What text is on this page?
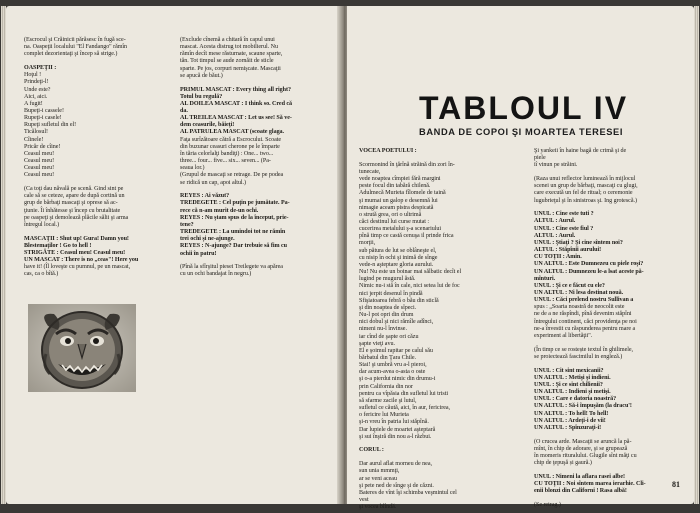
(Escrocul şi Crăinicii părăsesc în fugă sce-
na. Oaspeţii localului "El Fandango" rămîn
complet dezorientaţi şi încep să strige.)
OASPEŢII :
Hoţul !
Prindeţi-l!
Unde este?
Aici, aici.
A fugit!
Bupeţi-i cassele!
Rupeţi-i casele!
Rupeţi sufletul din el!
Ticălosul!
Cîinele!
Pricăr de cîine!
Ceasul meu!
Ceasul meu!
Ceasul meu!
Ceasul meu!
(Ca toţi dau năvală pe scenă. Gind sint pe
cale să se ceteze, apare de după cortină un
grup de bărbaţi mascaţi şi oprese să ac-
ţiunie. Îi înhătesse şi încep cu brutalitate
pe oaspeţi şi demolează plăcile sălii şi arma
întregul local.)
MASCAŢII : Shut up! Gura! Damn you!
Blestemaţilor ! Go to hell !
STRIGĂTE : Ceasul meu! Ceasul meu!
UN MASCAT : There is no „ceas"! Here you
have it! (Îl loveşte cu pumnul, pe un mascat,
cas, ca o bîtă.)
(Exclude cînemă a chitară în capul unui
mascat. Acesta distrug tot mobilierul. Nu
rămîn decît mese răsturnate, scaune sparte,
tăn. Tot timpul se aude zornăit de sticle
sparte. Pe jos, corpuri nemişcate. Mascaţii
se apucă de băut.)
PRIMUL MASCAT : Every thing all right?
Totul bu regulă?
AL DOILEA MASCAT : I think so. Cred că
da.
AL TREILEA MASCAT : Let us see! Să ve-
dem ceasurile, băieţi!
AL PATRULEA MASCAT (scoate glaga.
Faţa surîzătoare cătră a Escrocului. Scoate
din buzunar ceasuri cherone pe le împarte
în tăria celorlalţi bandiţi) : One... two...
three... four... five... six... seven... (Pa-
seaua lor.)
(Grupul de mascaţi se retrage. De pe podea
se ridică un cap, apoi altul.)
REYES : Ai văzut?
TREDEGETE : Cel puţin pe jumătate. Pa-
rece că n-am murit de-un ochi.
REYES : Nu ştam spus de la început, prie-
tene?
TREDEGETE : La umindoi tot ne rămîn
trei ochi şi ne-ajunge.
REYES : N-ajunge? Dar trebuie să fim cu
ochii în patru!
(Pînă la sfîrşitul piesei Treilegete va apărea
cu un ochi bandajat în negru.)
TABLOUL IV
BANDA DE COPOI ŞI MOARTEA TERESEI
VOCEA POETULUI :
Scormonind în ţărînă străină din zori în-
tunecate,
vede noaptea cîmpiei fără margini
peste focul din tabără chilenă.
Adulmecă Murieta fîlomele de taină
şi mumai un galop e desemnă lui
nimagie aceam pistra despicată
o strută grea, ori o ultrimă
căci destinul lui curse mutat :
cucerirea metalului ş-a scenariului
pînă timp ce castă cenuşa il prinde frica
morţii,
sub pătura de lut se oblâneşte el,
cu nisip în ochi şi inimă de sînge
vede-n aşteptare gloria aurului.
Nu! Nu este un boinar mai sălbatic decît el
lugind pe mugurul ăstă.
Nimic nu-i stă în cale, nici setea lui de foc
nici jerpit desenul în pindă
Sfişiatoarea febră o bău din sticlă
şi din noaptea de sîpeci.
Nu-l pot opri din drum
nici dobul şi nici rămîle adînci,
nimeni nu-l învinse.
iar cînd de şapte ori căzu
şapte vieţi avu.
El e şoimul rapitar pe caîul său
bărbatul din Ţara Chile.
Stai! şi umbră vru a-l pieroi,
dar acum-avea o-asta o oste
şi o-a pierdut nimic din drumu-i
prin California din nor
pentru ca vîpăsia din sufletul lui tristi
să sfarme zacile şi lutul,
sufletul ce căută, aici, în aur, fericirea,
o fericire lui Murieta
şi-n vreu în patria lui stăpînă.
Dar lupiele de moartei aşteptară
şi sui înşiră din nou a-l răzbui.
CORUL :
Dar aurul aflat morneu de nea,
sun unia mmmţi,
ar se veni aceau
şi pete ned de sînge şi de căzni.
Bateres de vînt îşi schimba veşmintul cel
vest
şi vocea blîndă.
Şi yankeii în haine bagă de crimă şi de
piele
iî vinun pe străini.
(Raza unui reflector luminează în mijlocul
scenei un grup de bărbaţi, mascaţi cu glugi,
care execută un fel de ritual; o ceremonie
lugubrieţul şi în sinistroas şi. Ing grotescă.)
UNUL : Cine este tuti ?
ALTUL : Aurul.
UNUL : Cine este fiul ?
ALTUL : Aurul.
UNUL : Ştiaţi ? Şi cine sîntem noi?
ALTUL : Stăpînii aurului!
CU TOŢII : Amin.
UN ALTUL : Este Dumnezeu cu piele roşi?
UN ALTUL : Dumnezeu le-a lsat aceste pă-
mînturi.
UNUL : Şi ce e făcut cu ele?
UN ALTUL : Ni lesa destinat nouă.
UNUL : Căci prelend nostru Sullivan a
spus : „Soarta noastră de neocolit este
ne de a ne răspîndi, pînă devenim stăpîni
întregului continent, căci providenţa pe noi
ne-a învestit cu răspunderea pentru mare a
experiment al libertăţii".
(În timp ce se rostește textul în ghilimele,
se proiectează fascimilul in engleză.)
UNUL : Cit sint mexicanii?
UN ALTUL : Metişi şi indieni.
UNUL : Şi ce sint chilienii?
UN ALTUL : Indieni şi metişi.
UNUL : Care e datoria noastră?
UN ALTUL : Să-i împuşăm (la dracu'!
UN ALTUL : To hell! To hell!
UN ALTUL : Ardeţi-i de vii!
UN ALTUL : Spînzuraţi-i!
(O crucea arde. Mascaţii se aruncă la pă-
mînt, în chip de adorare, şi se grupează
în momeris rituralului. Glugile sînt măţi cu
chip de ţepuşă și gaură.)
UNUL : Nimeni la aflara rasei albe!
CU TOŢII : Noi sîntem marea ierarhie. Cli-
enii blonzi din Californi ! Rasa albă!
(Se retrag.)
81
